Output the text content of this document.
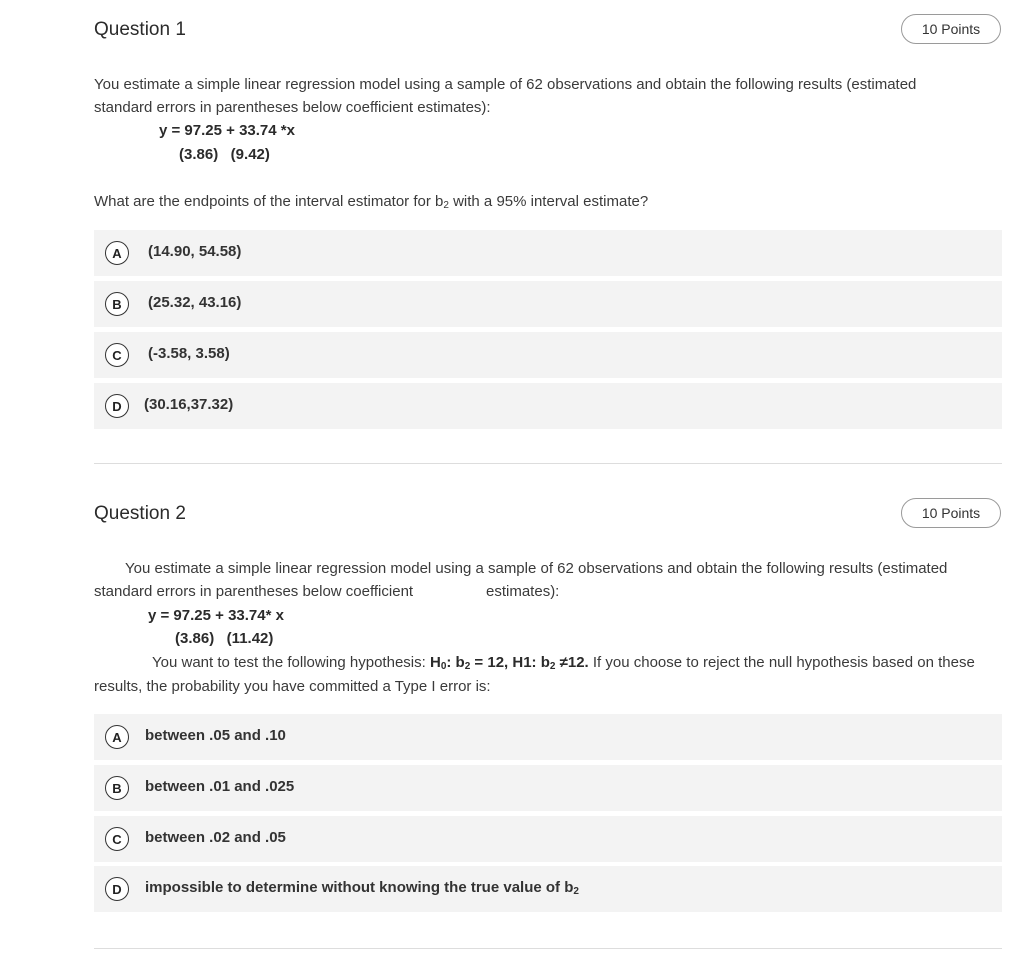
Question 1	10 Points
You estimate a simple linear regression model using a sample of 62 observations and obtain the following results (estimated
standard errors in parentheses below coefficient estimates):
y = 97.25 + 33.74 *x
(3.86)   (9.42)
What are the endpoints of the interval estimator for $b_2$ with a 95% interval estimate?
A	(14.90, 54.58)
B	(25.32, 43.16)
C	(-3.58, 3.58)
D	(30.16,37.32)
Question 2	10 Points
You estimate a simple linear regression model using a sample of 62 observations and obtain the following results (estimated
standard errors in parentheses below coefficient	estimates):
y = 97.25 + 33.74* x
(3.86)   (11.42)
You want to test the following hypothesis: $H_0$: $b_2 = 12$, H1: $b_2 \ne 12$. If you choose to reject the null hypothesis based on these
results, the probability you have committed a Type I error is:
A	between .05 and .10
B	between .01 and .025
C	between .02 and .05
D	impossible to determine without knowing the true value of $b_2$
